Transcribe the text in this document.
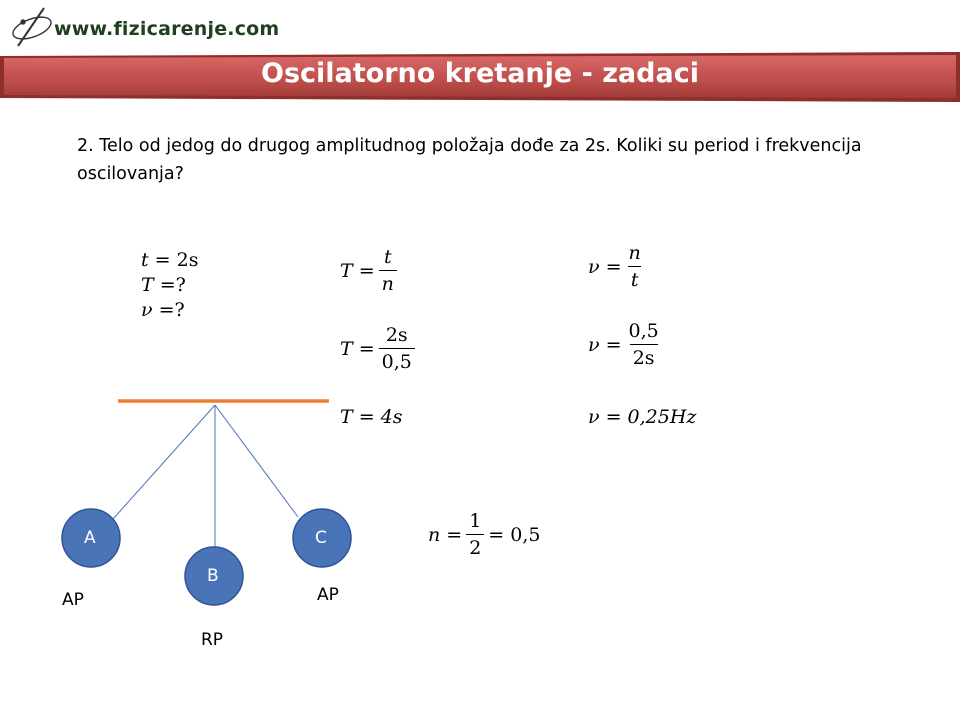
www.fizicarenje.com
Oscilatorno kretanje - zadaci
2. Telo od jedog do drugog amplitudnog položaja dođe za 2s. Koliki su period i frekvencija oscilovanja?
t = 2s
T =?
ν =?
$T = \frac{t}{n}$
$T = \frac{2s}{0,5}$
T = 4s
$\nu = \frac{n}{t}$
$\nu = \frac{0,5}{2s}$
ν = 0,25Hz
$n = \frac{1}{2} = 0,5$
A
B
C
AP	AP
RP
